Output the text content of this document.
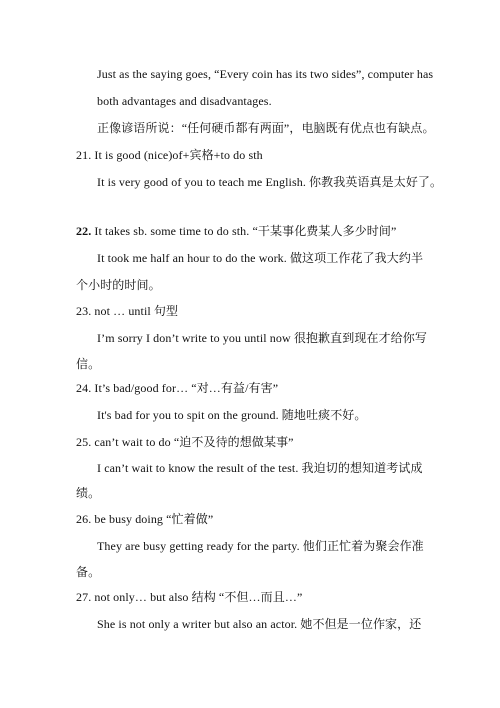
Just as the saying goes, “Every coin has its two sides”, computer has
both advantages and disadvantages.
正像谚语所说：“任何硬币都有两面”，电脑既有优点也有缺点。
21. It is good (nice)of+宾格+to do sth
It is very good of you to teach me English. 你教我英语真是太好了。
22. It takes sb. some time to do sth. “干某事化费某人多少时间”
It took me half an hour to do the work. 做这项工作花了我大约半
个小时的时间。
23. not … until 句型
I’m sorry I don’t write to you until now 很抱歉直到现在才给你写
信。
24. It’s bad/good for… “对…有益/有害”
It's bad for you to spit on the ground. 随地吐痰不好。
25. can’t wait to do “迫不及待的想做某事”
I can’t wait to know the result of the test. 我迫切的想知道考试成
绩。
26. be busy doing “忙着做”
They are busy getting ready for the party. 他们正忙着为聚会作准
备。
27. not only… but also 结构 “不但…而且…”
She is not only a writer but also an actor. 她不但是一位作家，还
